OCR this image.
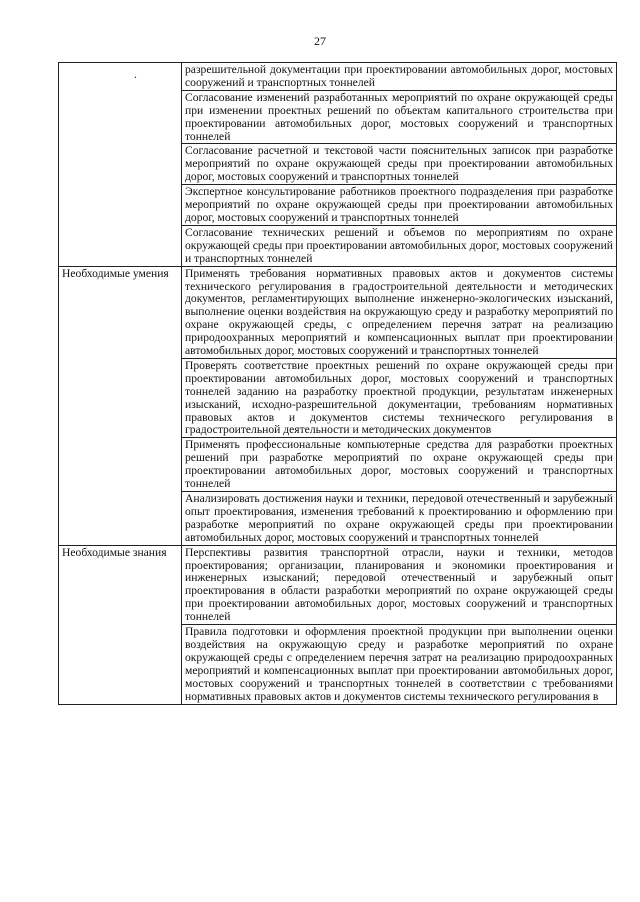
27
.	разрешительной документации при проектировании автомобильных дорог, мостовых сооружений и транспортных тоннелей
	Согласование изменений разработанных мероприятий по охране окружающей среды при изменении проектных решений по объектам капитального строительства при проектировании автомобильных дорог, мостовых сооружений и транспортных тоннелей
	Согласование расчетной и текстовой части пояснительных записок при разработке мероприятий по охране окружающей среды при проектировании автомобильных дорог, мостовых сооружений и транспортных тоннелей
	Экспертное консультирование работников проектного подразделения при разработке мероприятий по охране окружающей среды при проектировании автомобильных дорог, мостовых сооружений и транспортных тоннелей
	Согласование технических решений и объемов по мероприятиям по охране окружающей среды при проектировании автомобильных дорог, мостовых сооружений и транспортных тоннелей
Необходимые умения	Применять требования нормативных правовых актов и документов системы технического регулирования в градостроительной деятельности и методических документов, регламентирующих выполнение инженерно-экологических изысканий, выполнение оценки воздействия на окружающую среду и разработку мероприятий по охране окружающей среды, с определением перечня затрат на реализацию природоохранных мероприятий и компенсационных выплат при проектировании автомобильных дорог, мостовых сооружений и транспортных тоннелей
	Проверять соответствие проектных решений по охране окружающей среды при проектировании автомобильных дорог, мостовых сооружений и транспортных тоннелей заданию на разработку проектной продукции, результатам инженерных изысканий, исходно-разрешительной документации, требованиям нормативных правовых актов и документов системы технического регулирования в градостроительной деятельности и методических документов
	Применять профессиональные компьютерные средства для разработки проектных решений при разработке мероприятий по охране окружающей среды при проектировании автомобильных дорог, мостовых сооружений и транспортных тоннелей
	Анализировать достижения науки и техники, передовой отечественный и зарубежный опыт проектирования, изменения требований к проектированию и оформлению при разработке мероприятий по охране окружающей среды при проектировании автомобильных дорог, мостовых сооружений и транспортных тоннелей
Необходимые знания	Перспективы развития транспортной отрасли, науки и техники, методов проектирования; организации, планирования и экономики проектирования и инженерных изысканий; передовой отечественный и зарубежный опыт проектирования в области разработки мероприятий по охране окружающей среды при проектировании автомобильных дорог, мостовых сооружений и транспортных тоннелей
	Правила подготовки и оформления проектной продукции при выполнении оценки воздействия на окружающую среду и разработке мероприятий по охране окружающей среды с определением перечня затрат на реализацию природоохранных мероприятий и компенсационных выплат при проектировании автомобильных дорог, мостовых сооружений и транспортных тоннелей в соответствии с требованиями нормативных правовых актов и документов системы технического регулирования в
